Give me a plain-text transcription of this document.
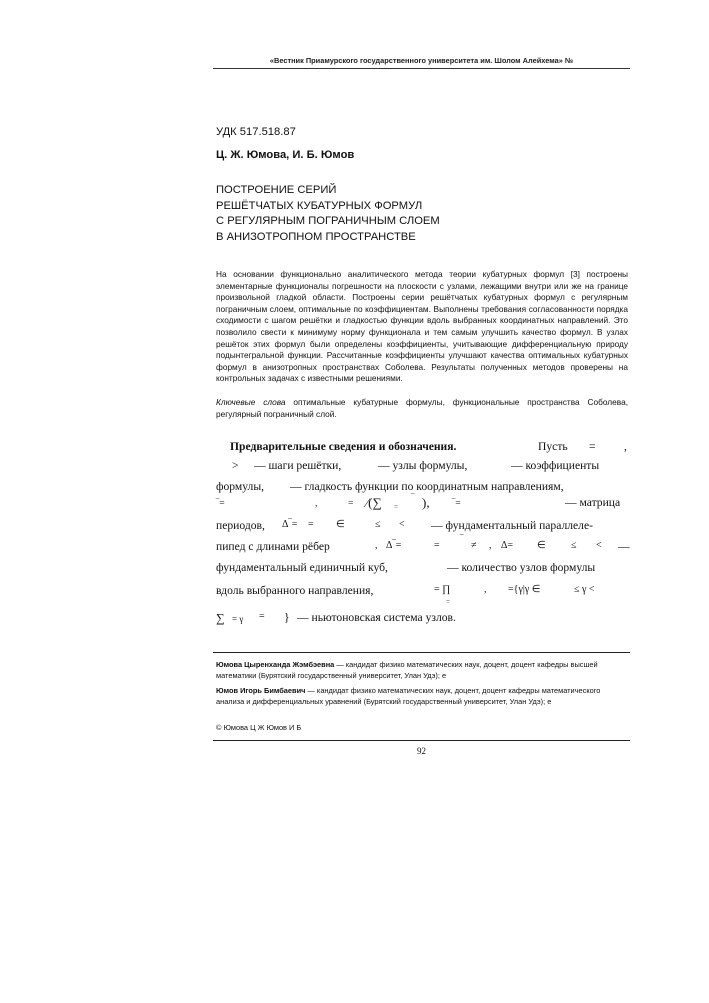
«Вестник Приамурского государственного университета им. Шолом Алейхема» №
УДК 517.518.87
Ц. Ж. Юмова, И. Б. Юмов
ПОСТРОЕНИЕ СЕРИЙ
РЕШЁТЧАТЫХ КУБАТУРНЫХ ФОРМУЛ
С РЕГУЛЯРНЫМ ПОГРАНИЧНЫМ СЛОЕМ
В АНИЗОТРОПНОМ ПРОСТРАНСТВЕ
На основании функционально аналитического метода теории кубатурных формул [3] построены элементарные функционалы погрешности на плоскости с узлами, лежащими внутри или же на границе произвольной гладкой области. Построены серии решётчатых кубатурных формул с регулярным пограничным слоем, оптимальные по коэффициентам. Выполнены требования согласованности порядка сходимости с шагом решётки и гладкостью функции вдоль выбранных координатных направлений. Это позволило свести к минимуму норму функционала и тем самым улучшить качество формул. В узлах решёток этих формул были определены коэффициенты, учитывающие дифференциальную природу подынтегральной функции. Рассчитанные коэффициенты улучшают качества оптимальных кубатурных формул в анизотропных пространствах Соболева. Результаты полученных методов проверены на контрольных задачах с известными решениями.
Ключевые слова оптимальные кубатурные формулы, функциональные пространства Соболева, регулярный пограничный слой.
Предварительные сведения и обозначения.	Пусть = ,
> — шаги решётки,	— узлы формулы,	— коэффициенты
формулы, — гладкость функции по координатным направлениям,
‾=	,	= ∕(∑ =
‾ ), ‾=	— матрица
периодов, Δ‾= = ∈	≤ < — фундаментальный параллеле-
пипед с длинами рёбер	, Δ‾=	= ‾ ≠ , Δ= ∈	≤ < —
фундаментальный единичный куб,	— количество узлов формулы
вдоль выбранного направления,	= ∏
=
, ={γ|γ ∈	≤ γ <
∑ = γ = } — ньютоновская система узлов.
Юмова Цыренханда Жэмбэевна — кандидат физико математических наук, доцент, доцент кафедры высшей математики (Бурятский государственный университет, Улан Удэ); e
Юмов Игорь Бимбаевич — кандидат физико математических наук, доцент, доцент кафедры математического анализа и дифференциальных уравнений (Бурятский государственный университет, Улан Удэ); e
© Юмова Ц Ж Юмов И Б
92
